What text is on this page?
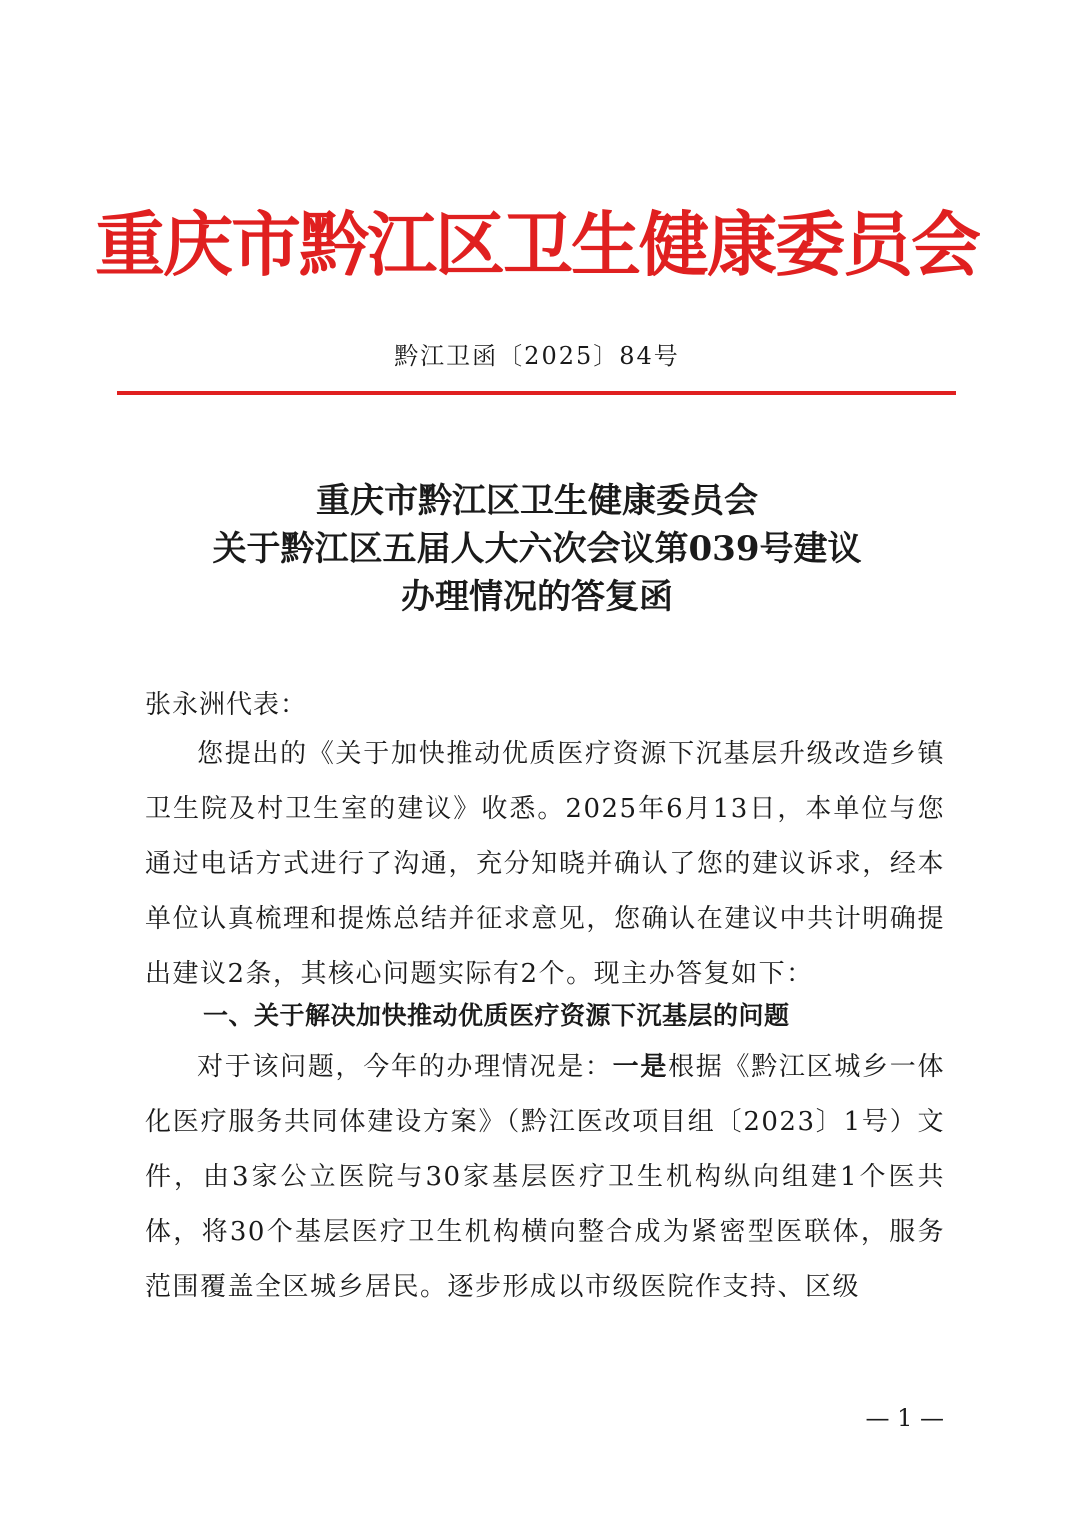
重庆市黔江区卫生健康委员会
黔江卫函〔2025〕84号
重庆市黔江区卫生健康委员会
关于黔江区五届人大六次会议第039号建议
办理情况的答复函
张永洲代表：

您提出的《关于加快推动优质医疗资源下沉基层升级改造乡镇卫生院及村卫生室的建议》收悉。2025年6月13日，本单位与您通过电话方式进行了沟通，充分知晓并确认了您的建议诉求，经本单位认真梳理和提炼总结并征求意见，您确认在建议中共计明确提出建议2条，其核心问题实际有2个。现主办答复如下：

一、关于解决加快推动优质医疗资源下沉基层的问题

对于该问题，今年的办理情况是：一是根据《黔江区城乡一体化医疗服务共同体建设方案》（黔江医改项目组〔2023〕1号）文件，由3家公立医院与30家基层医疗卫生机构纵向组建1个医共体，将30个基层医疗卫生机构横向整合成为紧密型医联体，服务范围覆盖全区城乡居民。逐步形成以市级医院作支持、区级

— 1 —
